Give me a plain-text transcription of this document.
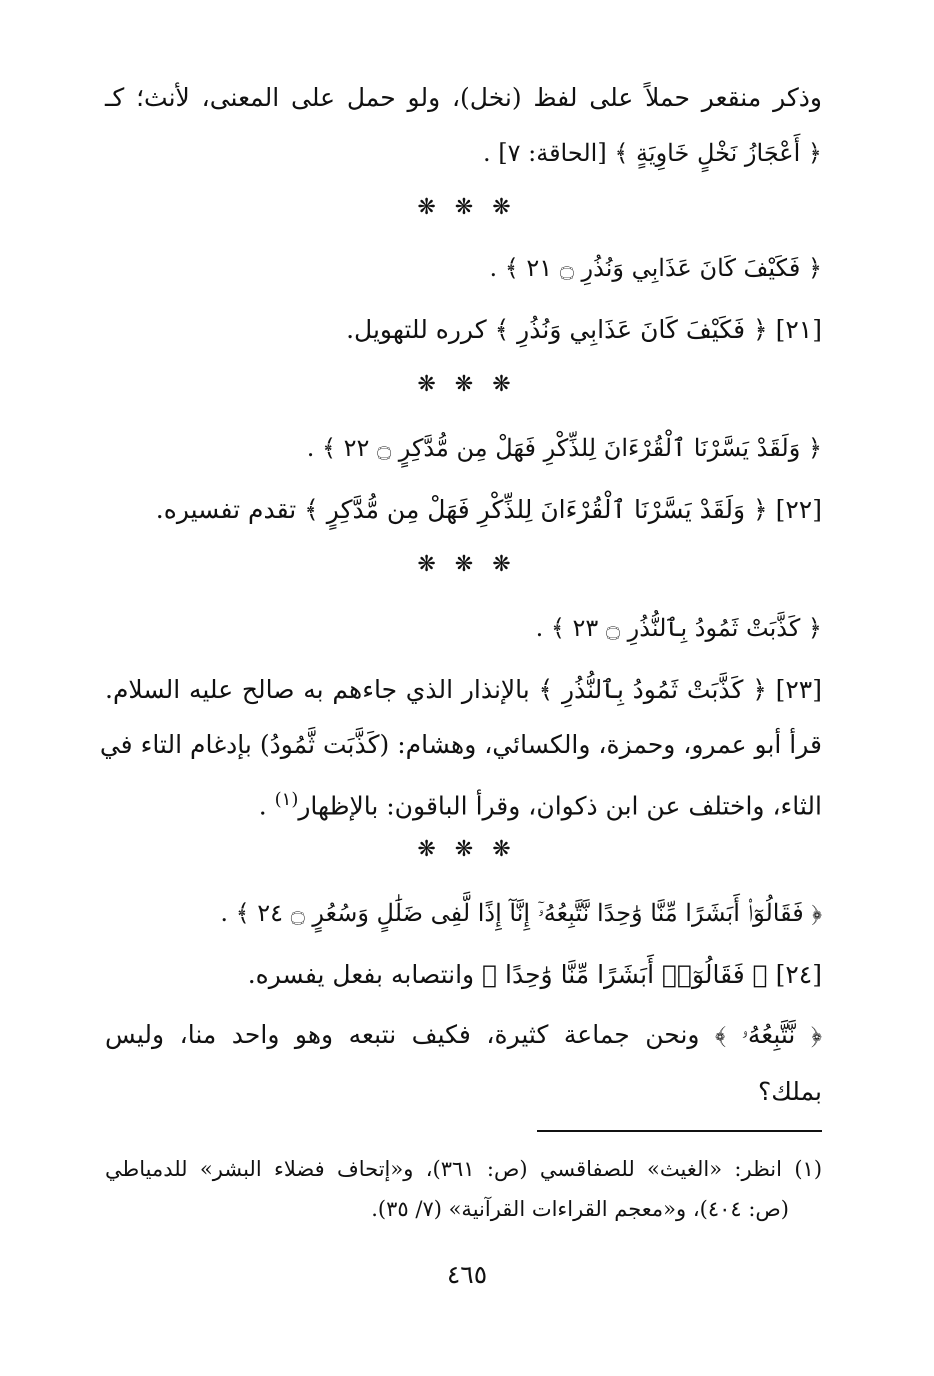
وذكر منقعر حملاً على لفظ (نخل)، ولو حمل على المعنى، لأنث؛ كـ
﴿ أَعْجَازُ نَخْلٍ خَاوِيَةٍ ﴾ [الحاقة: ٧] .
❋ ❋ ❋
﴿ فَكَيْفَ كَانَ عَذَابِي وَنُذُرِ ۝ ٢١ ﴾ .
[٢١] ﴿ فَكَيْفَ كَانَ عَذَابِي وَنُذُرِ ﴾ كرره للتهويل.
❋ ❋ ❋
﴿ وَلَقَدْ يَسَّرْنَا ٱلْقُرْءَانَ لِلذِّكْرِ فَهَلْ مِن مُّدَّكِرٍ ۝ ٢٢ ﴾ .
[٢٢] ﴿ وَلَقَدْ يَسَّرْنَا ٱلْقُرْءَانَ لِلذِّكْرِ فَهَلْ مِن مُّدَّكِرٍ ﴾ تقدم تفسيره.
❋ ❋ ❋
﴿ كَذَّبَتْ ثَمُودُ بِٱلنُّذُرِ ۝ ٢٣ ﴾ .
[٢٣] ﴿ كَذَّبَتْ ثَمُودُ بِٱلنُّذُرِ ﴾ بالإنذار الذي جاءهم به صالح عليه السلام.
قرأ أبو عمرو، وحمزة، والكسائي، وهشام: (كَذَّبَت ثَّمُودُ) بإدغام التاء في
الثاء، واختلف عن ابن ذكوان، وقرأ الباقون: بالإظهار$^{(١)}$ .
❋ ❋ ❋
﴿ فَقَالُوٓا۟ أَبَشَرًا مِّنَّا وَٰحِدًا نَّتَّبِعُهُۥٓ إِنَّآ إِذًا لَّفِى ضَلَٰلٍ وَسُعُرٍ ۝ ٢٤ ﴾ .
[٢٤] ﴿ فَقَالُوٓا۟ أَبَشَرًا مِّنَّا وَٰحِدًا ﴾ وانتصابه بفعل يفسره.
﴿ نَّتَّبِعُهُۥ ﴾ ونحن جماعة كثيرة، فكيف نتبعه وهو واحد منا، وليس
بملك؟
(١) انظر: «الغيث» للصفاقسي (ص: ٣٦١)، و«إتحاف فضلاء البشر» للدمياطي
(ص: ٤٠٤)، و«معجم القراءات القرآنية» (٧/ ٣٥).
٤٦٥
